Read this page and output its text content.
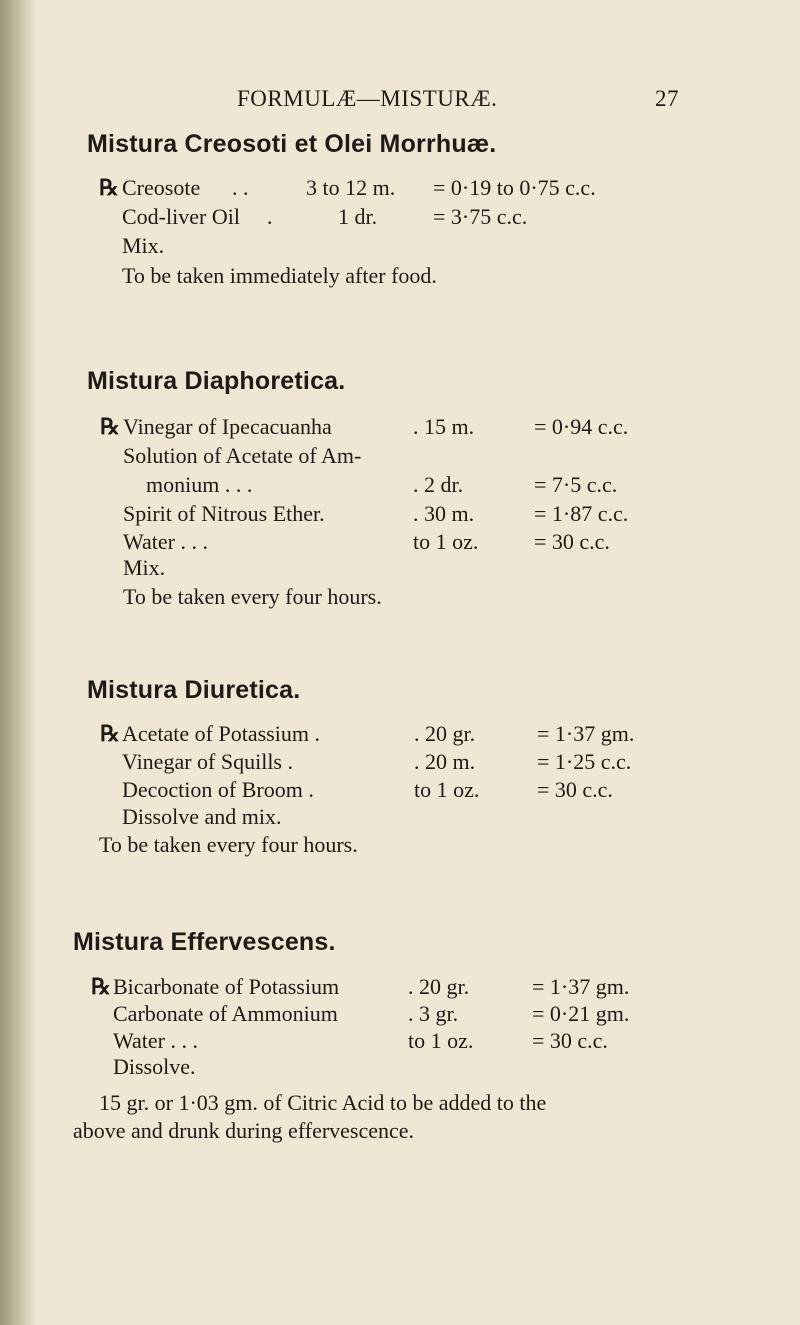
FORMULÆ—MISTURÆ.	27
Mistura Creosoti et Olei Morrhuæ.
℞ Creosote . .	3 to 12 m. = 0·19 to 0·75 c.c.
Cod-liver Oil .	1 dr.	= 3·75 c.c.
Mix.
To be taken immediately after food.
Mistura Diaphoretica.
℞ Vinegar of Ipecacuanha	. 15 m.	= 0·94 c.c.
Solution of Acetate of Am-
monium . . .	. 2 dr.	= 7·5 c.c.
Spirit of Nitrous Ether.	. 30 m.	= 1·87 c.c.
Water . . .	to 1 oz.	= 30 c.c.
Mix.
To be taken every four hours.
Mistura Diuretica.
℞ Acetate of Potassium .	. 20 gr.	= 1·37 gm.
Vinegar of Squills .	. 20 m.	= 1·25 c.c.
Decoction of Broom .	to 1 oz.	= 30 c.c.
Dissolve and mix.
To be taken every four hours.
Mistura Effervescens.
℞ Bicarbonate of Potassium	. 20 gr.	= 1·37 gm.
Carbonate of Ammonium	. 3 gr.	= 0·21 gm.
Water . . .	to 1 oz.	= 30 c.c.
Dissolve.
15 gr. or 1·03 gm. of Citric Acid to be added to the
above and drunk during effervescence.
